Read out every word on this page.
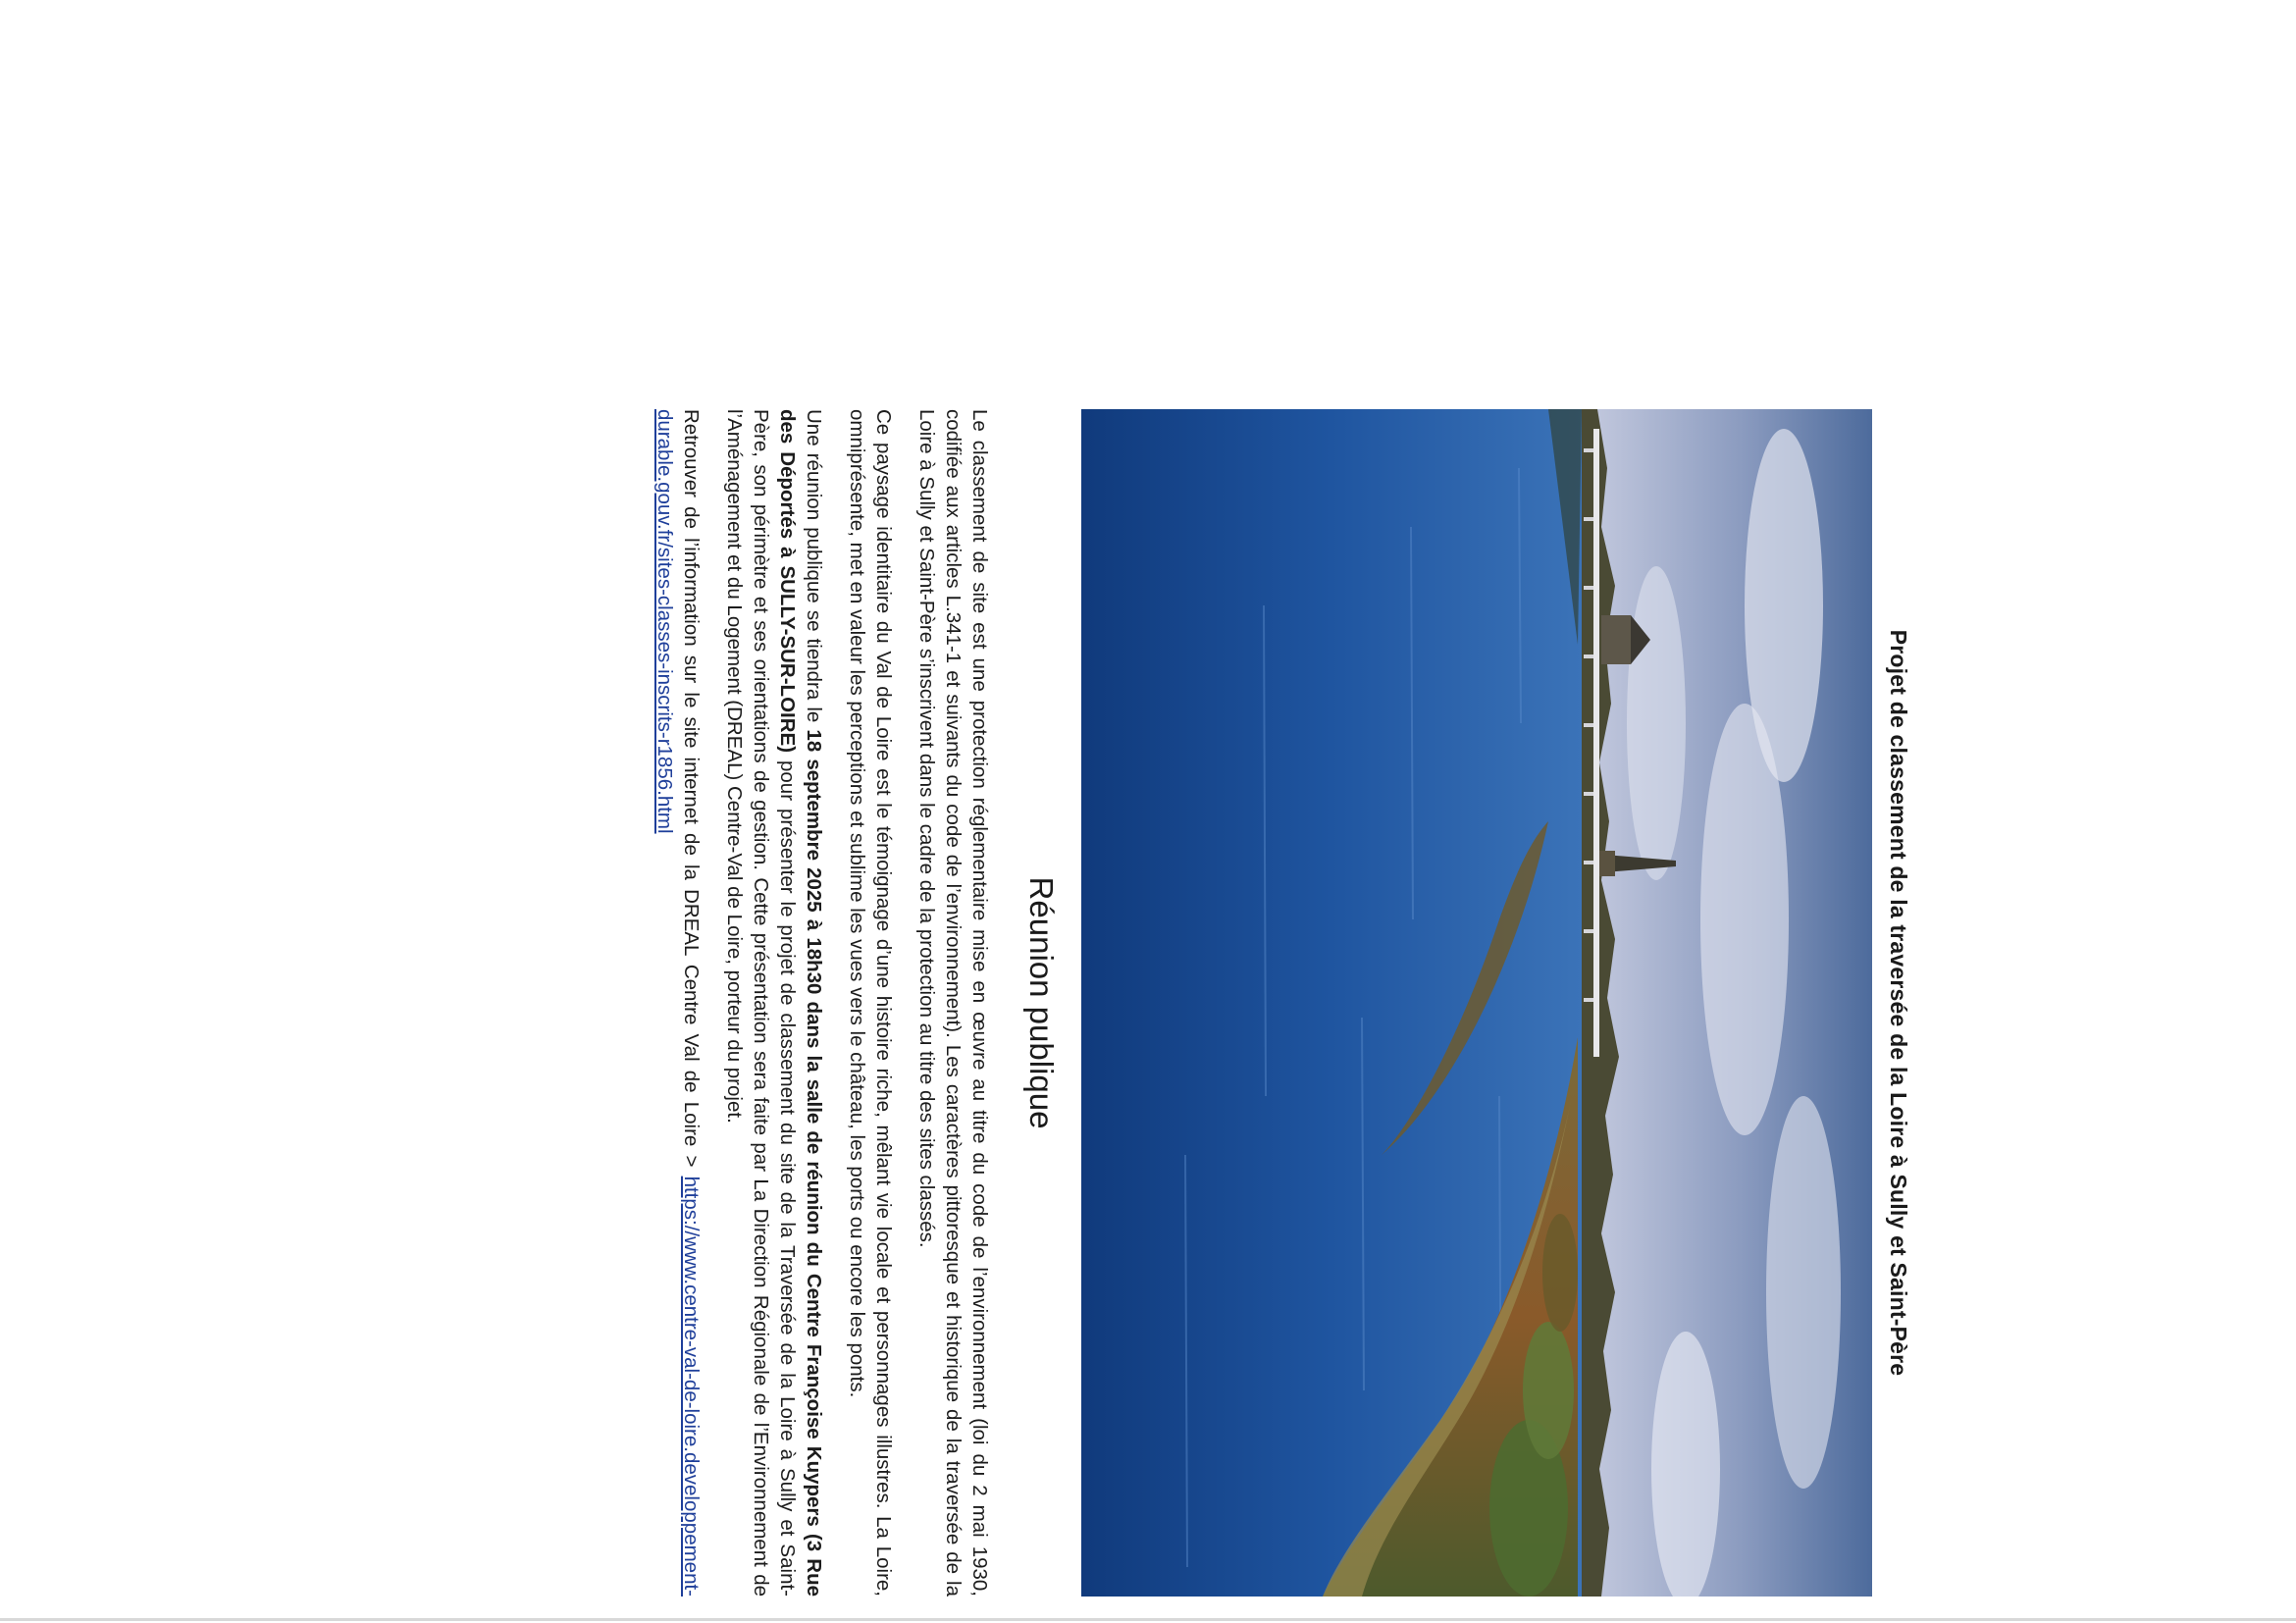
Projet de classement de la traversée de la Loire à Sully et Saint-Père
Réunion publique

Le classement de site est une protection réglementaire mise en œuvre au titre du code de l’environnement (loi du 2 mai 1930, codifiée aux articles L.341-1 et suivants du code de l’environnement). Les caractères pittoresque et historique de la traversée de la Loire à Sully et Saint-Père s’inscrivent dans le cadre de la protection au titre des sites classés.

Ce paysage identitaire du Val de Loire est le témoignage d’une histoire riche, mêlant vie locale et personnages illustres. La Loire, omniprésente, met en valeur les perceptions et sublime les vues vers le château, les ports ou encore les ponts.

Une réunion publique se tiendra le 18 septembre 2025 à 18h30 dans la salle de réunion du Centre Françoise Kuypers (3 Rue des Déportés à SULLY-SUR-LOIRE) pour présenter le projet de classement du site de la Traversée de la Loire à Sully et Saint-Père, son périmètre et ses orientations de gestion. Cette présentation sera faite par La Direction Régionale de l’Environnement de l’Aménagement et du Logement (DREAL) Centre-Val de Loire, porteur du projet.

Retrouver de l’information sur le site internet de la DREAL Centre Val de Loire > https://www.centre-val-de-loire.developpement-durable.gouv.fr/sites-classes-inscrits-r1856.html
